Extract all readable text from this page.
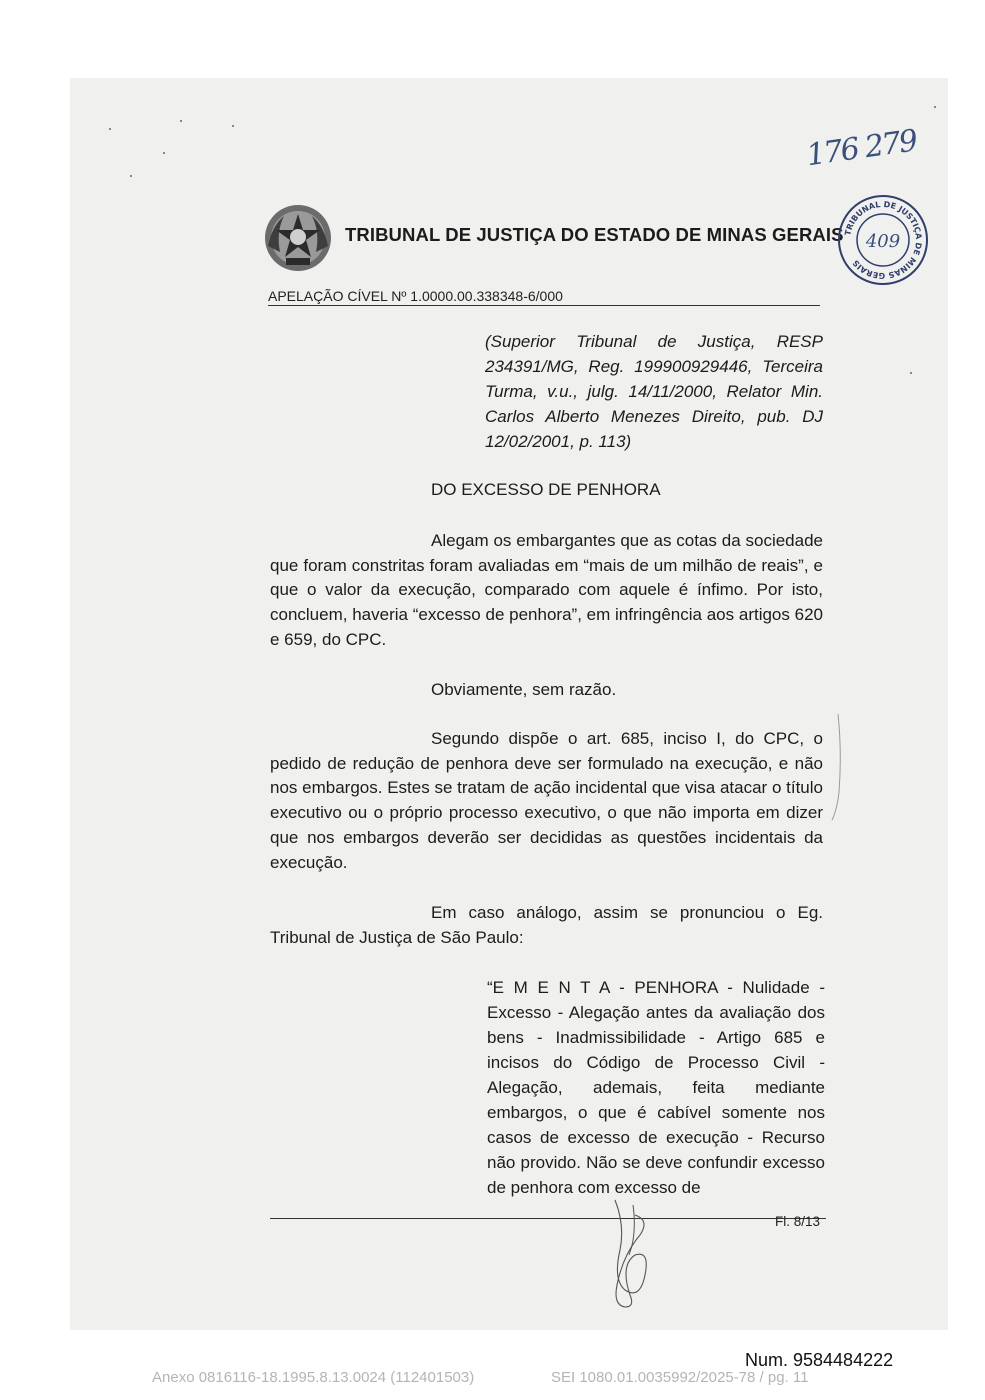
176 279
TRIBUNAL DE JUSTIÇA DO ESTADO DE MINAS GERAIS TRIBUNAL DE JUSTIÇA DE MINAS GERAIS
409
APELAÇÃO CÍVEL Nº 1.0000.00.338348-6/000
(Superior Tribunal de Justiça, RESP 234391/MG, Reg. 199900929446, Terceira Turma, v.u., julg. 14/11/2000, Relator Min. Carlos Alberto Menezes Direito, pub. DJ 12/02/2001, p. 113)
DO EXCESSO DE PENHORA
Alegam os embargantes que as cotas da sociedade que foram constritas foram avaliadas em “mais de um milhão de reais”, e que o valor da execução, comparado com aquele é ínfimo. Por isto, concluem, haveria “excesso de penhora”, em infringência aos artigos 620 e 659, do CPC.
Obviamente, sem razão.
Segundo dispõe o art. 685, inciso I, do CPC, o pedido de redução de penhora deve ser formulado na execução, e não nos embargos. Estes se tratam de ação incidental que visa atacar o título executivo ou o próprio processo executivo, o que não importa em dizer que nos embargos deverão ser decididas as questões incidentais da execução.
Em caso análogo, assim se pronunciou o Eg. Tribunal de Justiça de São Paulo:
“E M E N T A - PENHORA - Nulidade - Excesso - Alegação antes da avaliação dos bens - Inadmissibilidade - Artigo 685 e incisos do Código de Processo Civil - Alegação, ademais, feita mediante embargos, o que é cabível somente nos casos de excesso de execução - Recurso não provido. Não se deve confundir excesso de penhora com excesso de
Fl. 8/13
Num. 9584484222
Anexo 0816116-18.1995.8.13.0024 (112401503)	SEI 1080.01.0035992/2025-78 / pg. 11
